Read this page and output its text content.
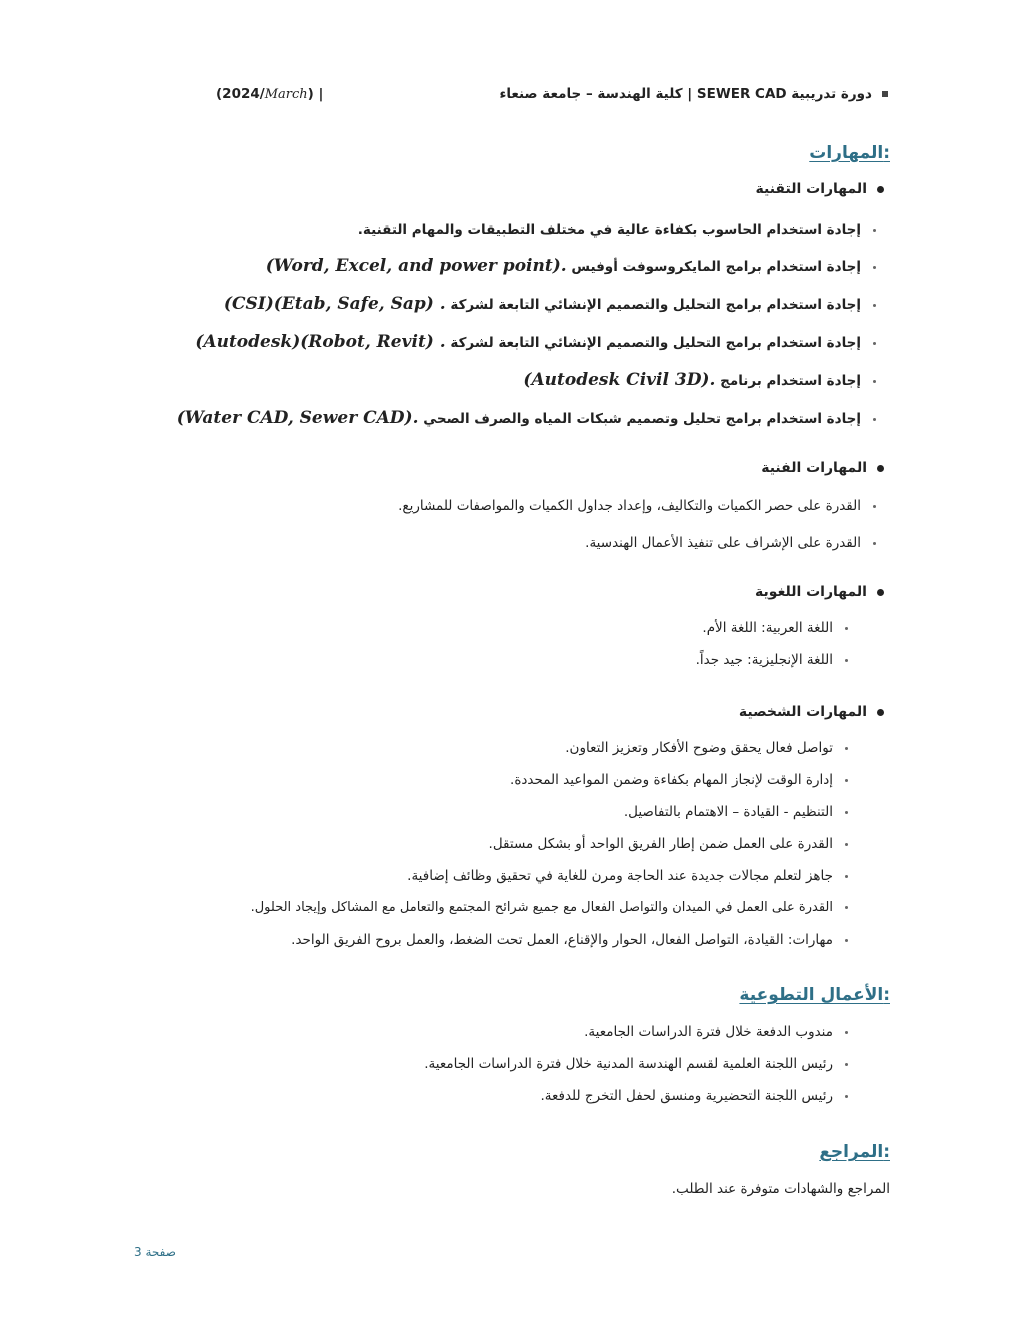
دورة تدريبية SEWER CAD | كلية الهندسة – جامعة صنعاء
(2024/March) |
المهارات:
المهارات التقنية
إجادة استخدام الحاسوب بكفاءة عالية في مختلف التطبيقات والمهام التقنية.
إجادة استخدام برامج المايكروسوفت أوفيس (Word, Excel, and power point).
إجادة استخدام برامج التحليل والتصميم الإنشائي التابعة لشركة (CSI)(Etab, Safe, Sap) .
إجادة استخدام برامج التحليل والتصميم الإنشائي التابعة لشركة (Autodesk)(Robot, Revit) .
إجادة استخدام برنامج (Autodesk Civil 3D).
إجادة استخدام برامج تحليل وتصميم شبكات المياه والصرف الصحي (Water CAD, Sewer CAD).
المهارات الفنية
القدرة على حصر الكميات والتكاليف، وإعداد جداول الكميات والمواصفات للمشاريع.
القدرة على الإشراف على تنفيذ الأعمال الهندسية.
المهارات اللغوية
اللغة العربية: اللغة الأم.
اللغة الإنجليزية: جيد جداً.
المهارات الشخصية
تواصل فعال يحقق وضوح الأفكار وتعزيز التعاون.
إدارة الوقت لإنجاز المهام بكفاءة وضمن المواعيد المحددة.
التنظيم - القيادة – الاهتمام بالتفاصيل.
القدرة على العمل ضمن إطار الفريق الواحد أو بشكل مستقل.
جاهز لتعلم مجالات جديدة عند الحاجة ومرن للغاية في تحقيق وظائف إضافية.
القدرة على العمل في الميدان والتواصل الفعال مع جميع شرائح المجتمع والتعامل مع المشاكل وإيجاد الحلول.
مهارات: القيادة، التواصل الفعال، الحوار والإقناع، العمل تحت الضغط، والعمل بروح الفريق الواحد.
الأعمال التطوعية:
مندوب الدفعة خلال فترة الدراسات الجامعية.
رئيس اللجنة العلمية لقسم الهندسة المدنية خلال فترة الدراسات الجامعية.
رئيس اللجنة التحضيرية ومنسق لحفل التخرج للدفعة.
المراجع:
المراجع والشهادات متوفرة عند الطلب.
صفحة 3
